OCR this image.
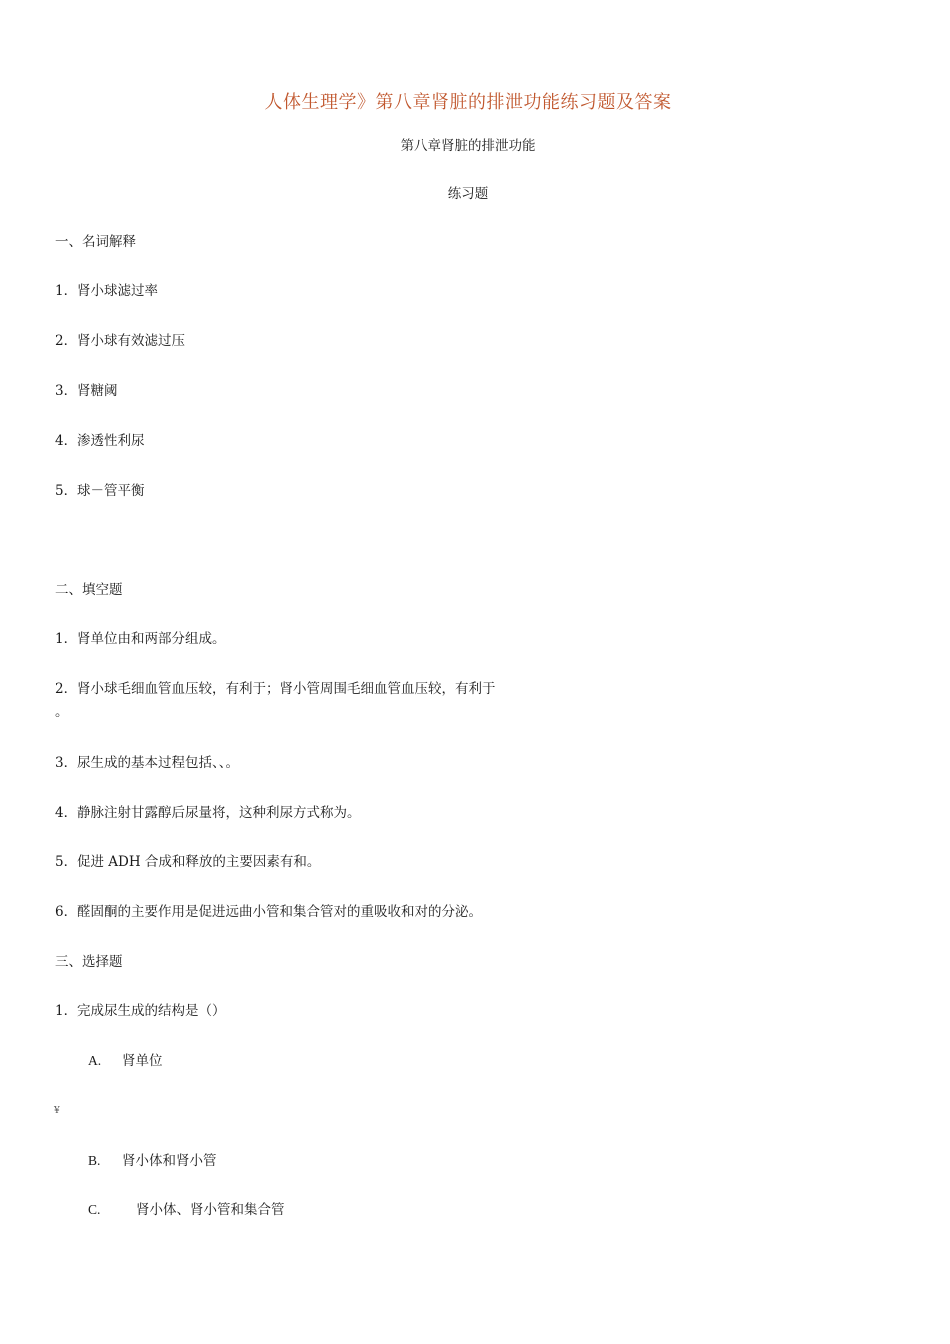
人体生理学》第八章肾脏的排泄功能练习题及答案
第八章肾脏的排泄功能
练习题
一、名词解释
1．肾小球滤过率
2．肾小球有效滤过压
3．肾糖阈
4．渗透性利尿
5．球－管平衡
二、填空题
1．肾单位由和两部分组成。
2．肾小球毛细血管血压较，有利于；肾小管周围毛细血管血压较，有利于
。
3．尿生成的基本过程包括、、。
4．静脉注射甘露醇后尿量将，这种利尿方式称为。
5．促进 ADH 合成和释放的主要因素有和。
6．醛固酮的主要作用是促进远曲小管和集合管对的重吸收和对的分泌。
三、选择题
1．完成尿生成的结构是（）
A. 肾单位
¥
B. 肾小体和肾小管
C.	肾小体、肾小管和集合管
